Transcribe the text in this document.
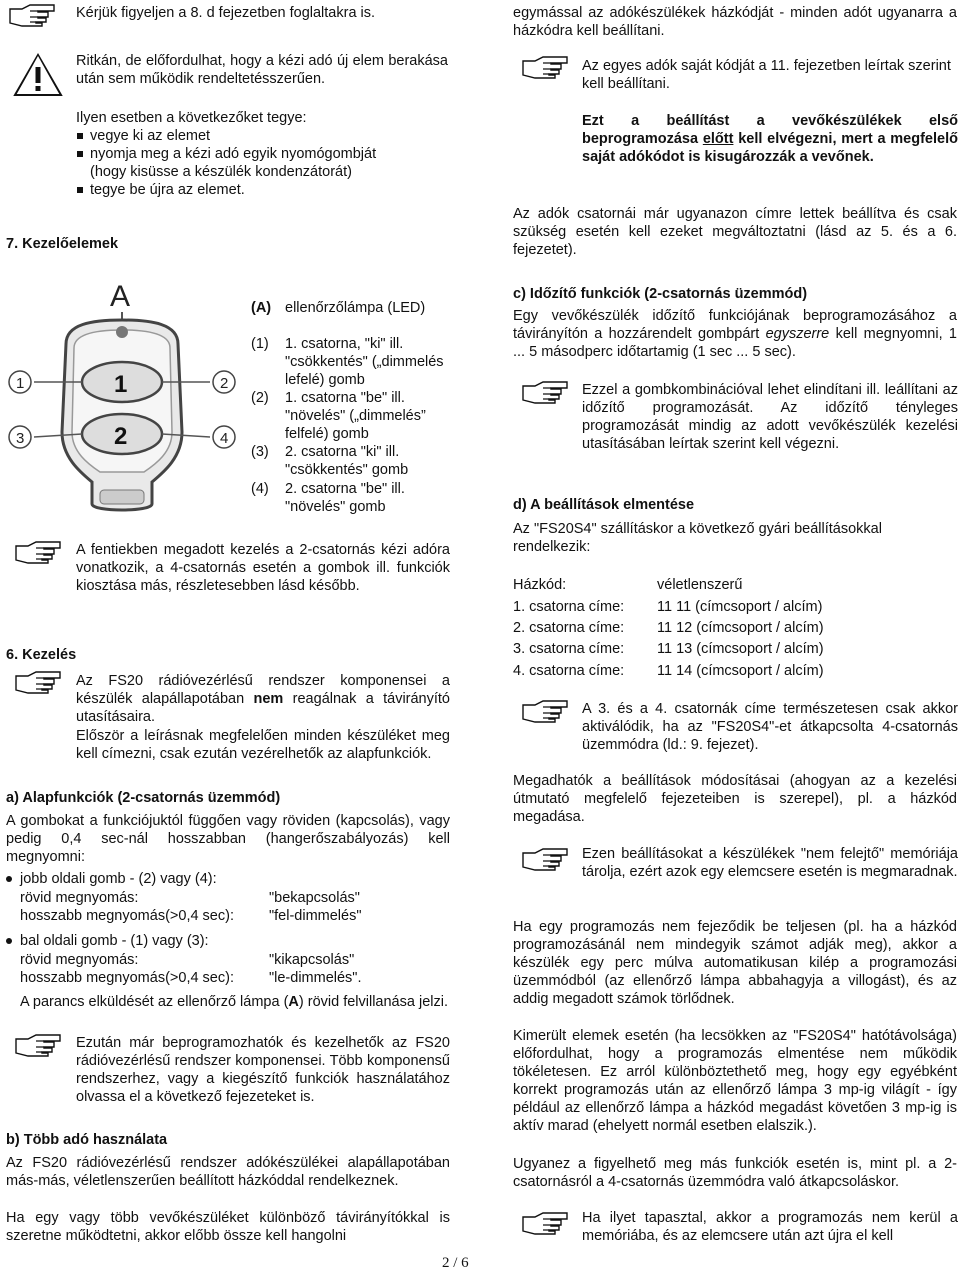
Kérjük figyeljen a 8. d fejezetben foglaltakra is.
Ritkán, de előfordulhat, hogy a kézi adó új elem berakása után sem működik rendeltetésszerűen.
Ilyen esetben a következőket tegye:
vegye ki az elemet
nyomja meg a kézi adó egyik nyomógombját
(hogy kisüsse a készülék kondenzátorát)
tegye be újra az elemet.
7. Kezelőelemek
A
1
2
1	2
3	4
(A) ellenőrzőlámpa (LED)
(1) 1. csatorna, "ki" ill.
"csökkentés" („dimmelés
lefelé) gomb
(2) 1. csatorna "be" ill.
"növelés" („dimmelés”
felfelé) gomb
(3) 2. csatorna "ki" ill.
"csökkentés" gomb
(4) 2. csatorna "be" ill.
"növelés" gomb
A fentiekben megadott kezelés a 2-csatornás kézi adóra vonatkozik, a 4-csatornás esetén a gombok ill. funkciók kiosztása más, részletesebben lásd később.
6. Kezelés
Az FS20 rádióvezérlésű rendszer komponensei a készülék alapállapotában nem reagálnak a távirányító utasításaira.
Először a leírásnak megfelelően minden készüléket meg kell címezni, csak ezután vezérelhetők az alapfunkciók.
a) Alapfunkciók (2-csatornás üzemmód)
A gombokat a funkciójuktól függően vagy röviden (kapcsolás), vagy pedig 0,4 sec-nál hosszabban (hangerőszabályozás) kell megnyomni:
jobb oldali gomb - (2) vagy (4):
rövid megnyomás:	"bekapcsolás"
hosszabb megnyomás(>0,4 sec): "fel-dimmelés"
bal oldali gomb - (1) vagy (3):
rövid megnyomás:	"kikapcsolás"
hosszabb megnyomás(>0,4 sec): "le-dimmelés".
A parancs elküldését az ellenőrző lámpa (A) rövid felvillanása jelzi.
Ezután már beprogramozhatók és kezelhetők az FS20 rádióvezérlésű rendszer komponensei. Több komponensű rendszerhez, vagy a kiegészítő funkciók használatához olvassa el a következő fejezeteket is.
b) Több adó használata
Az FS20 rádióvezérlésű rendszer adókészülékei alapállapotában más-más, véletlenszerűen beállított házkóddal rendelkeznek.
Ha egy vagy több vevőkészüléket különböző távirányítókkal is szeretne működtetni, akkor előbb össze kell hangolni
egymással az adókészülékek házkódját - minden adót ugyanarra a házkódra kell beállítani.
Az egyes adók saját kódját a 11. fejezetben leírtak szerint kell beállítani.
Ezt a beállítást a vevőkészülékek első beprogramozása előtt kell elvégezni, mert a megfelelő saját adókódot is kisugározzák a vevőnek.
Az adók csatornái már ugyanazon címre lettek beállítva és csak szükség esetén kell ezeket megváltoztatni (lásd az 5. és a 6. fejezetet).
c) Időzítő funkciók (2-csatornás üzemmód)
Egy vevőkészülék időzítő funkciójának beprogramozásához a távirányítón a hozzárendelt gombpárt egyszerre kell megnyomni, 1 ... 5 másodperc időtartamig (1 sec ... 5 sec).
Ezzel a gombkombinációval lehet elindítani ill. leállítani az időzítő programozását. Az időzítő tényleges programozását mindig az adott vevőkészülék kezelési utasításában leírtak szerint kell végezni.
d) A beállítások elmentése
Az "FS20S4" szállításkor a következő gyári beállításokkal rendelkezik:
Házkód:	véletlenszerű
1. csatorna címe: 11 11 (címcsoport / alcím)
2. csatorna címe: 11 12 (címcsoport / alcím)
3. csatorna címe: 11 13 (címcsoport / alcím)
4. csatorna címe: 11 14 (címcsoport / alcím)
A 3. és a 4. csatornák címe természetesen csak akkor aktiválódik, ha az "FS20S4"-et átkapcsolta 4-csatornás üzemmódra (ld.: 9. fejezet).
Megadhatók a beállítások módosításai (ahogyan az a kezelési útmutató megfelelő fejezeteiben is szerepel), pl. a házkód megadása.
Ezen beállításokat a készülékek "nem felejtő" memóriája tárolja, ezért azok egy elemcsere esetén is megmaradnak.
Ha egy programozás nem fejeződik be teljesen (pl. ha a házkód programozásánál nem mindegyik számot adják meg), akkor a készülék egy perc múlva automatikusan kilép a programozási üzemmódból (az ellenőrző lámpa abbahagyja a villogást), és az addig megadott számok törlődnek.
Kimerült elemek esetén (ha lecsökken az "FS20S4" hatótávolsága) előfordulhat, hogy a programozás elmentése nem működik tökéletesen. Ez arról különböztethető meg, hogy egy egyébként korrekt programozás után az ellenőrző lámpa 3 mp-ig világít - így például az ellenőrző lámpa a házkód megadást követően 3 mp-ig is aktív marad (ehelyett normál esetben elalszik.).
Ugyanez a figyelhető meg más funkciók esetén is, mint pl. a 2-csatornásról a 4-csatornás üzemmódra való átkapcsoláskor.
Ha ilyet tapasztal, akkor a programozás nem kerül a memóriába, és az elemcsere után azt újra el kell
2 / 6
